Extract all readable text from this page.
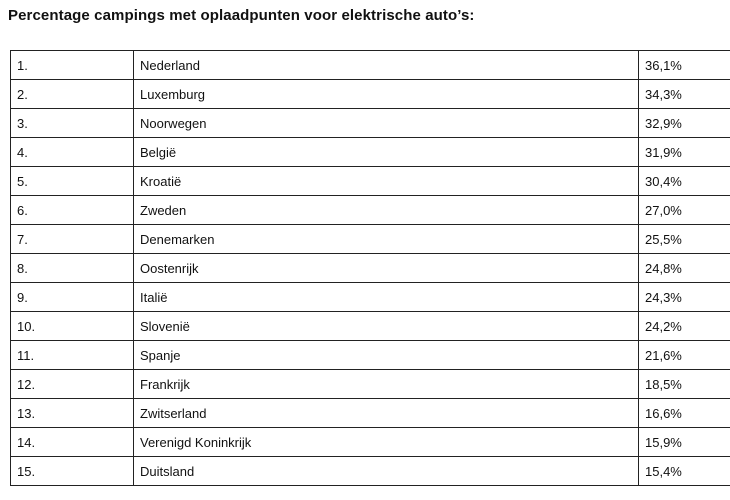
Percentage campings met oplaadpunten voor elektrische auto’s:
1.	Nederland	36,1%
2.	Luxemburg	34,3%
3.	Noorwegen	32,9%
4.	België	31,9%
5.	Kroatië	30,4%
6.	Zweden	27,0%
7.	Denemarken	25,5%
8.	Oostenrijk	24,8%
9.	Italië	24,3%
10.	Slovenië	24,2%
11.	Spanje	21,6%
12.	Frankrijk	18,5%
13.	Zwitserland	16,6%
14.	Verenigd Koninkrijk	15,9%
15.	Duitsland	15,4%
